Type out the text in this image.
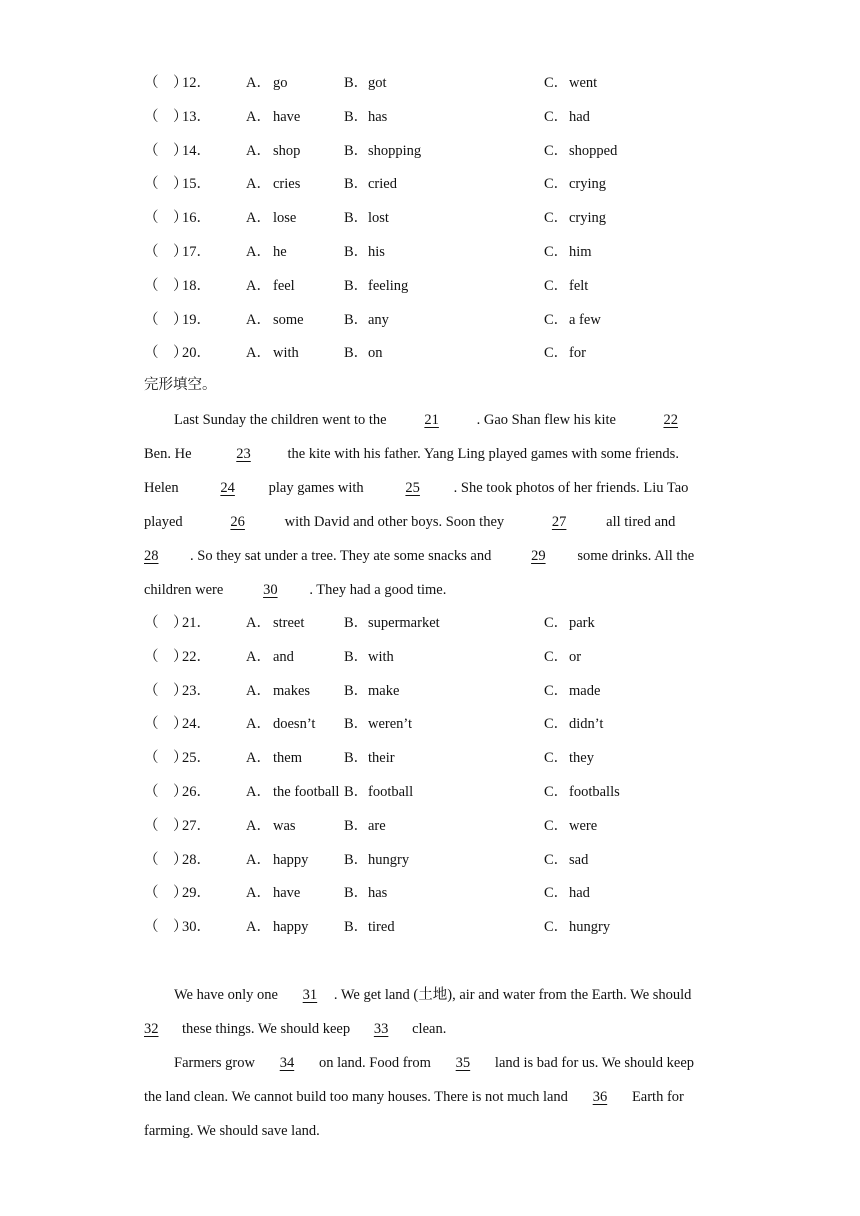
（　）
12． A． go	B． got	C． went
（　）
13． A． have	B． has	C． had
（　）
14． A． shop	B． shopping	C． shopped
（　）
15． A． cries	B． cried	C． crying
（　）
16． A． lose	B． lost	C． crying
（　）
17． A． he	B． his	C． him
（　）
18． A． feel	B． feeling	C． felt
（　）
19． A． some	B． any	C． a few
（　）
20． A． with	B． on	C． for
完形填空。
Last Sunday the children went to the	21	. Gao Shan flew his kite	22
Ben. He	23	the kite with his father. Yang Ling played games with some friends.
Helen	24 play games with	25 . She took photos of her friends. Liu Tao
played	26	with David and other boys. Soon they	27	all tired and
28 . So they sat under a tree. They ate some snacks and	29 some drinks. All the
children were	30 . They had a good time.
（　）
21． A． street	B． supermarket	C． park
（　）
22． A． and	B． with	C． or
（　）
23． A． makes B． make	C． made
（　）
24． A． doesn’t B． weren’t	C． didn’t
（　）
25． A． them	B． their	C． they
（　）
26． A． the football B． football	C． footballs
（　）
27． A． was	B． are	C． were
（　）
28． A． happy B． hungry	C． sad
（　）
29． A． have	B． has	C． had
（　）
30． A． happy B． tired	C． hungry
We have only one 31 . We get land (土地), air and water from the Earth. We should
32 these things. We should keep 33 clean.
Farmers grow 34 on land. Food from 35 land is bad for us. We should keep
the land clean. We cannot build too many houses. There is not much land 36 Earth for
farming. We should save land.
